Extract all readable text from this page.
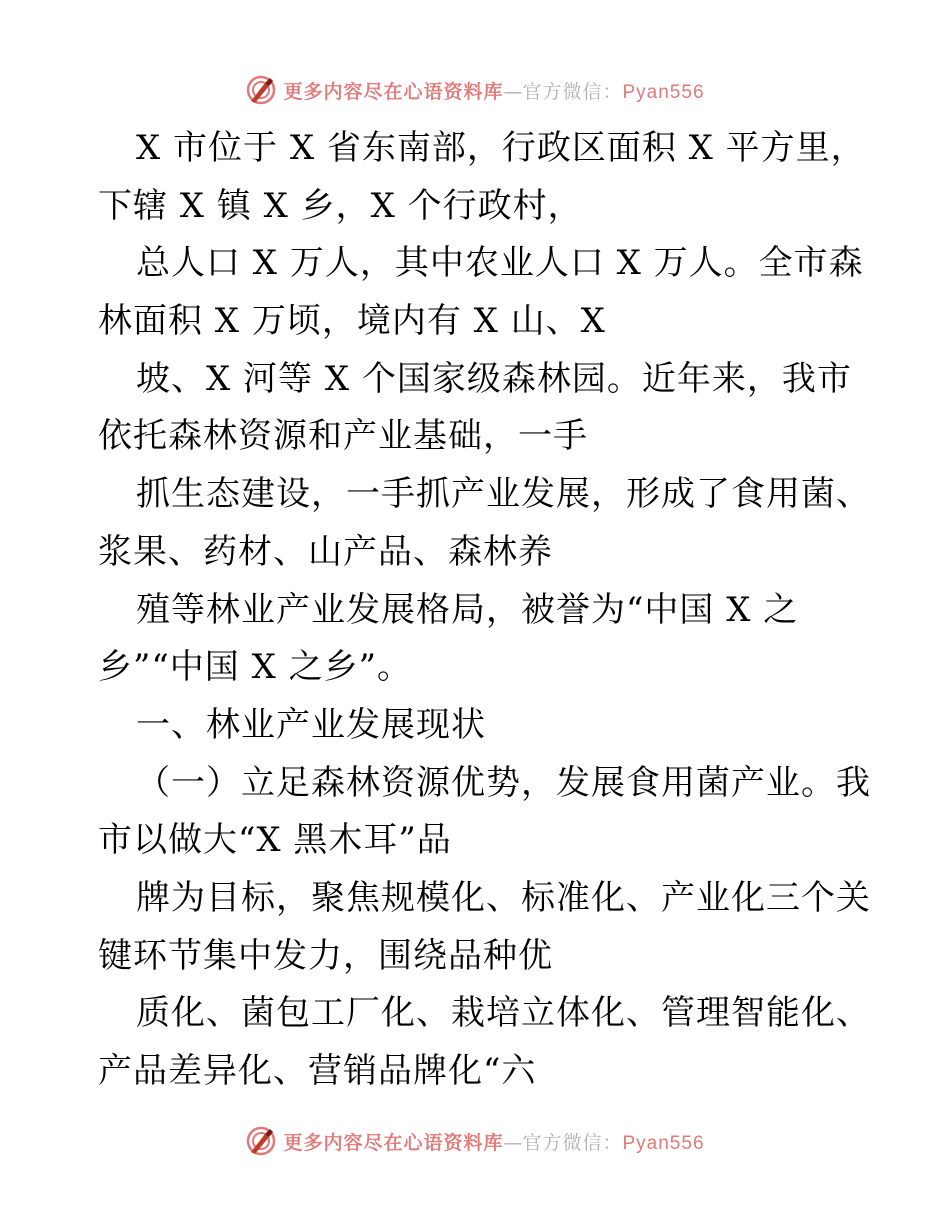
更多内容尽在心语资料库—官方微信：Pyan556
X 市位于 X 省东南部，行政区面积 X 平方里，
下辖 X 镇 X 乡，X 个行政村，
总人口 X 万人，其中农业人口 X 万人。全市森
林面积 X 万顷，境内有 X 山、X
坡、X 河等 X 个国家级森林园。近年来，我市
依托森林资源和产业基础，一手
抓生态建设，一手抓产业发展，形成了食用菌、
浆果、药材、山产品、森林养
殖等林业产业发展格局，被誉为“中国 X 之
乡”“中国 X 之乡”。
一、林业产业发展现状
（一）立足森林资源优势，发展食用菌产业。我
市以做大“X 黑木耳”品
牌为目标，聚焦规模化、标准化、产业化三个关
键环节集中发力，围绕品种优
质化、菌包工厂化、栽培立体化、管理智能化、
产品差异化、营销品牌化“六
更多内容尽在心语资料库—官方微信：Pyan556
